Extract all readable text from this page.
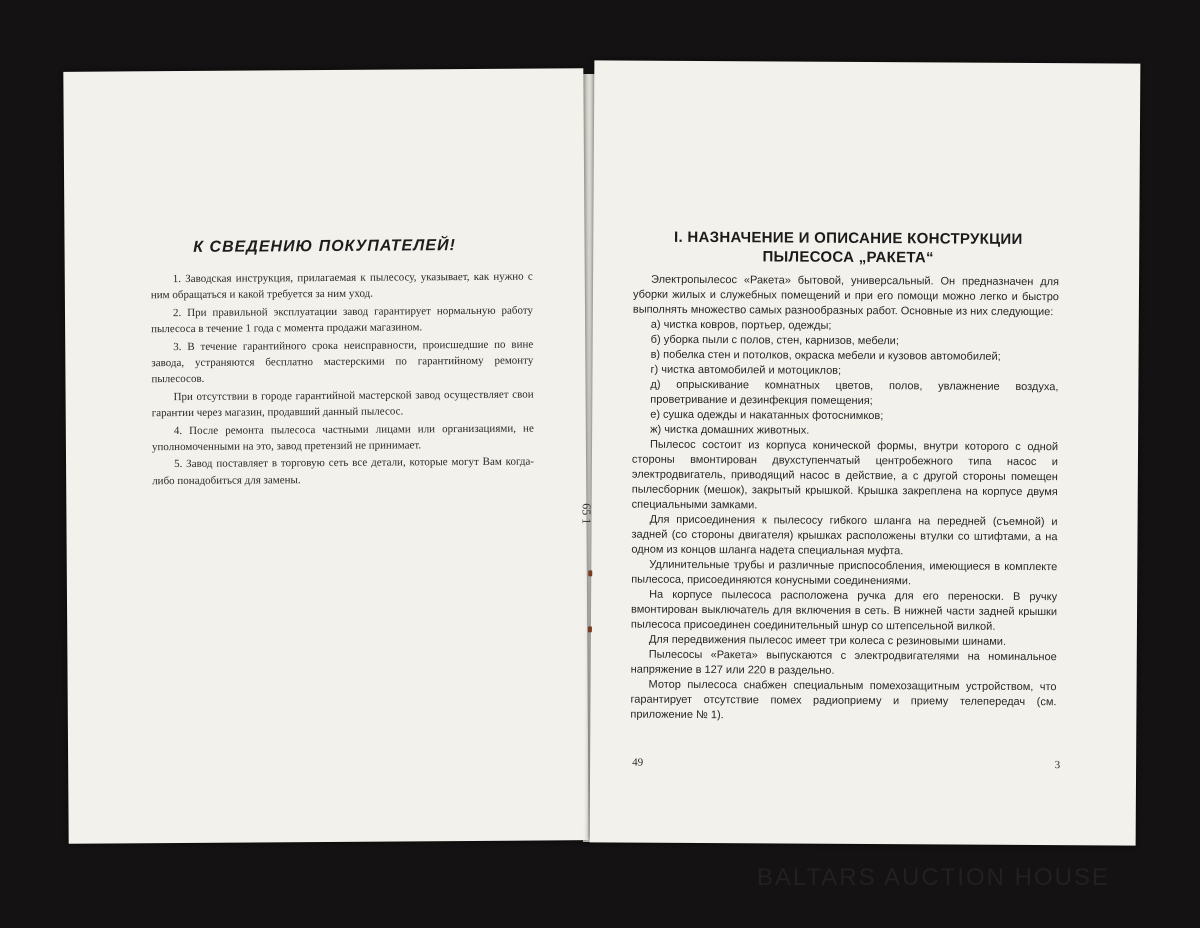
К СВЕДЕНИЮ ПОКУПАТЕЛЕЙ!

1. Заводская инструкция, прилагаемая к пылесосу, указывает, как нужно с ним обращаться и какой требуется за ним уход.

2. При правильной эксплуатации завод гарантирует нормальную работу пылесоса в течение 1 года с момента продажи магазином.

3. В течение гарантийного срока неисправности, происшедшие по вине завода, устраняются бесплатно мастерскими по гарантийному ремонту пылесосов.

При отсутствии в городе гарантийной мастерской завод осуществляет свои гарантии через магазин, продавший данный пылесос.

4. После ремонта пылесоса частными лицами или организациями, не уполномоченными на это, завод претензий не принимает.

5. Завод поставляет в торговую сеть все детали, которые могут Вам когда-либо понадобиться для замены.

65 1
I. НАЗНАЧЕНИЕ И ОПИСАНИЕ КОНСТРУКЦИИ
ПЫЛЕСОСА „РАКЕТА“

Электропылесос «Ракета» бытовой, универсальный. Он предназначен для уборки жилых и служебных помещений и при его помощи можно легко и быстро выполнять множество самых разнообразных работ. Основные из них следующие:

а) чистка ковров, портьер, одежды;

б) уборка пыли с полов, стен, карнизов, мебели;

в) побелка стен и потолков, окраска мебели и кузовов автомобилей;

г) чистка автомобилей и мотоциклов;

д) опрыскивание комнатных цветов, полов, увлажнение воздуха, проветривание и дезинфекция помещения;

е) сушка одежды и накатанных фотоснимков;

ж) чистка домашних животных.

Пылесос состоит из корпуса конической формы, внутри которого с одной стороны вмонтирован двухступенчатый центробежного типа насос и электродвигатель, приводящий насос в действие, а с другой стороны помещен пылесборник (мешок), закрытый крышкой. Крышка закреплена на корпусе двумя специальными замками.

Для присоединения к пылесосу гибкого шланга на передней (съемной) и задней (со стороны двигателя) крышках расположены втулки со штифтами, а на одном из концов шланга надета специальная муфта.

Удлинительные трубы и различные приспособления, имеющиеся в комплекте пылесоса, присоединяются конусными соединениями.

На корпусе пылесоса расположена ручка для его переноски. В ручку вмонтирован выключатель для включения в сеть. В нижней части задней крышки пылесоса присоединен соединительный шнур со штепсельной вилкой.

Для передвижения пылесос имеет три колеса с резиновыми шинами.

Пылесосы «Ракета» выпускаются с электродвигателями на номинальное напряжение в 127 или 220 в раздельно.

Мотор пылесоса снабжен специальным помехозащитным устройством, что гарантирует отсутствие помех радиоприему и приему телепередач (см. приложение № 1).

49	3
BALTARS AUCTION HOUSE
